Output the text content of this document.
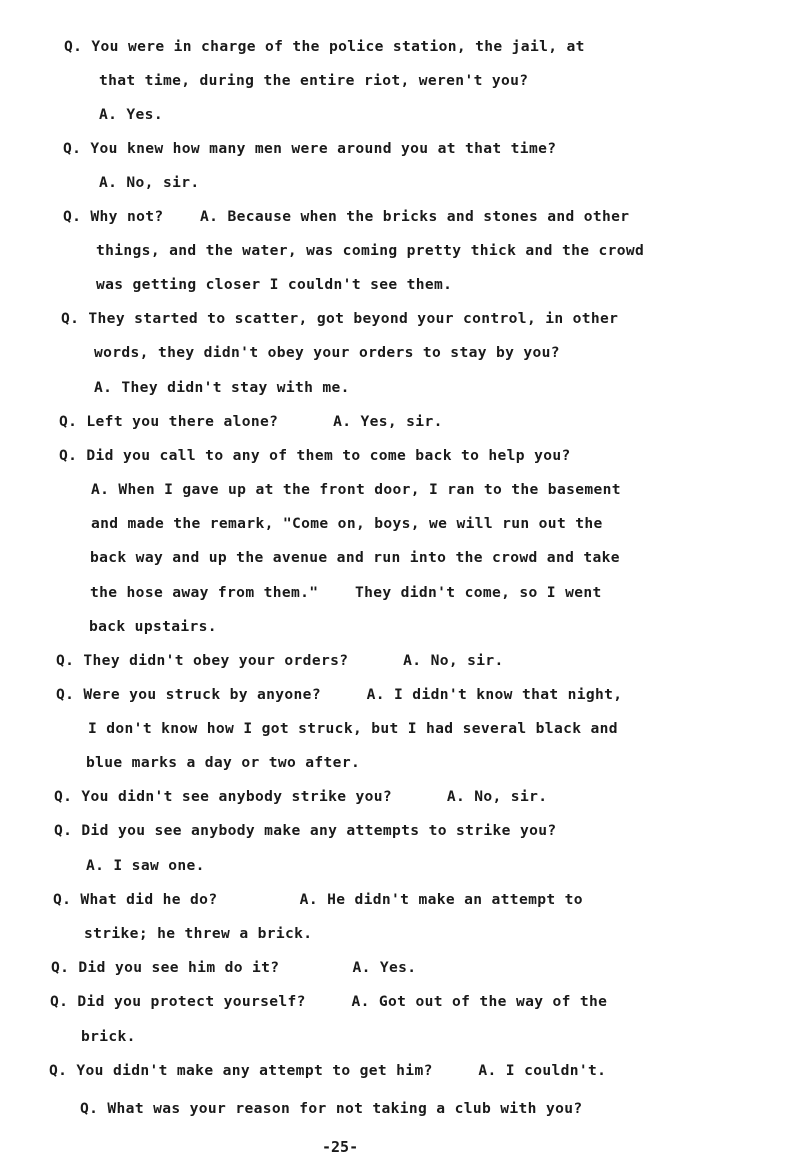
Q. You were in charge of the police station, the jail, at
that time, during the entire riot, weren't you?
A. Yes.
Q. You knew how many men were around you at that time?
A. No, sir.
Q. Why not?    A. Because when the bricks and stones and other
things, and the water, was coming pretty thick and the crowd
was getting closer I couldn't see them.
Q. They started to scatter, got beyond your control, in other
words, they didn't obey your orders to stay by you?
A. They didn't stay with me.
Q. Left you there alone?      A. Yes, sir.
Q. Did you call to any of them to come back to help you?
A. When I gave up at the front door, I ran to the basement
and made the remark, "Come on, boys, we will run out the
back way and up the avenue and run into the crowd and take
the hose away from them."    They didn't come, so I went
back upstairs.
Q. They didn't obey your orders?      A. No, sir.
Q. Were you struck by anyone?     A. I didn't know that night,
I don't know how I got struck, but I had several black and
blue marks a day or two after.
Q. You didn't see anybody strike you?      A. No, sir.
Q. Did you see anybody make any attempts to strike you?
A. I saw one.
Q. What did he do?         A. He didn't make an attempt to
strike; he threw a brick.
Q. Did you see him do it?        A. Yes.
Q. Did you protect yourself?     A. Got out of the way of the
brick.
Q. You didn't make any attempt to get him?     A. I couldn't.
Q. What was your reason for not taking a club with you?
-25-
